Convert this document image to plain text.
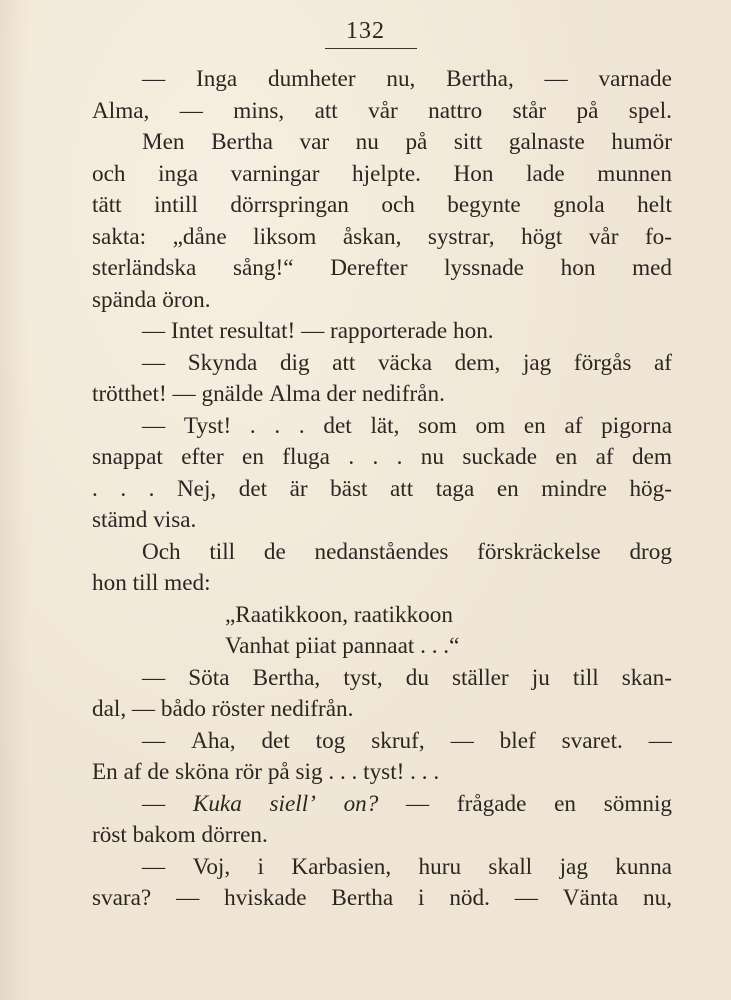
132
— Inga dumheter nu, Bertha, — varnade
Alma, — mins, att vår nattro står på spel.
Men Bertha var nu på sitt galnaste humör
och inga varningar hjelpte. Hon lade munnen
tätt intill dörrspringan och begynte gnola helt
sakta: „dåne liksom åskan, systrar, högt vår fo-
sterländska sång!“ Derefter lyssnade hon med
spända öron.
— Intet resultat! — rapporterade hon.
— Skynda dig att väcka dem, jag förgås af
trötthet! — gnälde Alma der nedifrån.
— Tyst! . . . det lät, som om en af pigorna
snappat efter en fluga . . . nu suckade en af dem
. . . Nej, det är bäst att taga en mindre hög-
stämd visa.
Och till de nedanståendes förskräckelse drog
hon till med:
„Raatikkoon, raatikkoon
Vanhat piiat pannaat . . .“
— Söta Bertha, tyst, du ställer ju till skan-
dal, — bådo röster nedifrån.
— Aha, det tog skruf, — blef svaret. —
En af de sköna rör på sig . . . tyst! . . .
— Kuka siell’ on? — frågade en sömnig
röst bakom dörren.
— Voj, i Karbasien, huru skall jag kunna
svara? — hviskade Bertha i nöd. — Vänta nu,
